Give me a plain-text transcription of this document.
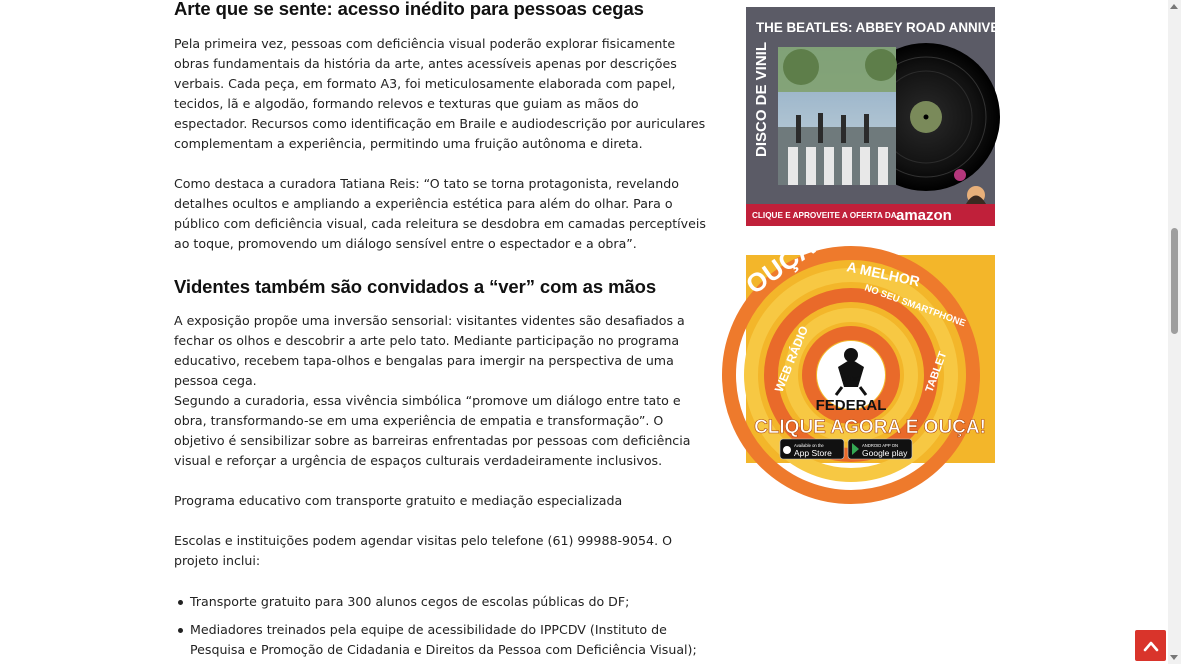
Arte que se sente: acesso inédito para pessoas cegas

Pela primeira vez, pessoas com deficiência visual poderão explorar fisicamente obras fundamentais da história da arte, antes acessíveis apenas por descrições verbais. Cada peça, em formato A3, foi meticulosamente elaborada com papel, tecidos, lã e algodão, formando relevos e texturas que guiam as mãos do espectador. Recursos como identificação em Braile e audiodescrição por auriculares complementam a experiência, permitindo uma fruição autônoma e direta.

Como destaca a curadora Tatiana Reis: “O tato se torna protagonista, revelando detalhes ocultos e ampliando a experiência estética para além do olhar. Para o público com deficiência visual, cada releitura se desdobra em camadas perceptíveis ao toque, promovendo um diálogo sensível entre o espectador e a obra”.

Videntes também são convidados a “ver” com as mãos

A exposição propõe uma inversão sensorial: visitantes videntes são desafiados a fechar os olhos e descobrir a arte pelo tato. Mediante participação no programa educativo, recebem tapa-olhos e bengalas para imergir na perspectiva de uma pessoa cega.

Segundo a curadoria, essa vivência simbólica “promove um diálogo entre tato e obra, transformando-se em uma experiência de empatia e transformação”. O objetivo é sensibilizar sobre as barreiras enfrentadas por pessoas com deficiência visual e reforçar a urgência de espaços culturais verdadeiramente inclusivos.

Programa educativo com transporte gratuito e mediação especializada

Escolas e instituições podem agendar visitas pelo telefone (61) 99988-9054. O projeto inclui:

Transporte gratuito para 300 alunos cegos de escolas públicas do DF;
Mediadores treinados pela equipe de acessibilidade do IPPCDV (Instituto de Pesquisa e Promoção de Cidadania e Direitos da Pessoa com Deficiência Visual);
DISCO DE VINIL
THE BEATLES: ABBEY ROAD ANNIVERSARY
CLIQUE E APROVEITE A OFERTA DA amazon
RÁDIO
FEDERAL
OUÇA A MELHOR
NO SEU SMARTPHONE
WEB RÁDIO	TABLET
CLIQUE AGORA E OUÇA!
Available on the
App Store
ANDROID APP ON
Google play
